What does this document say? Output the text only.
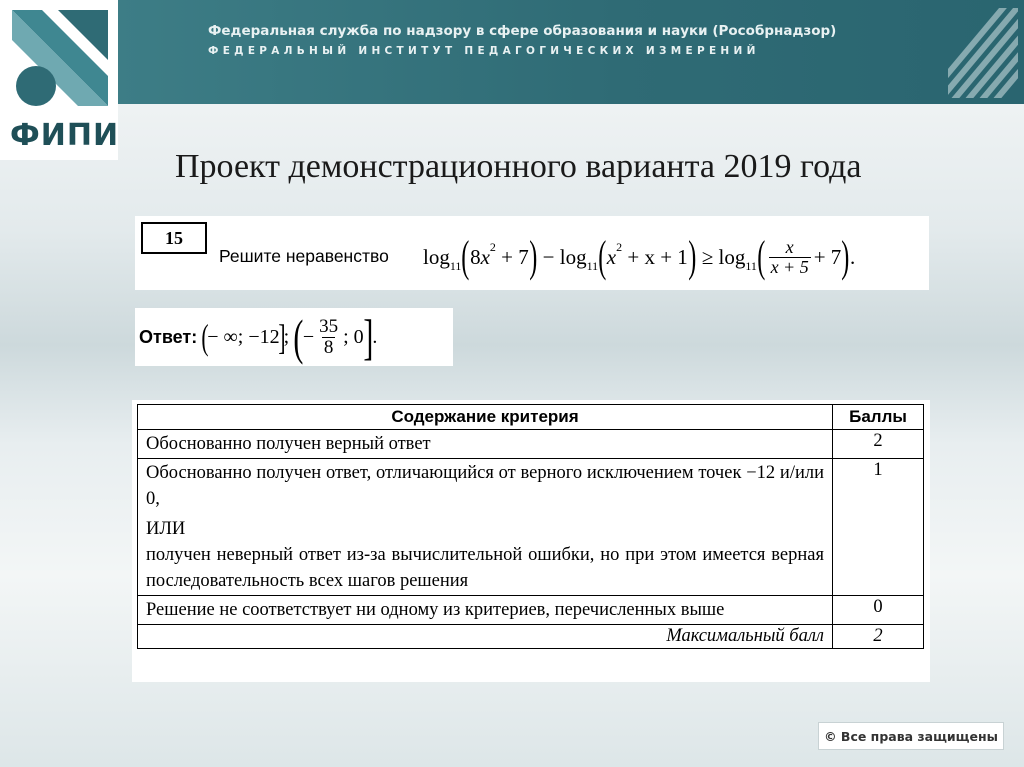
Федеральная служба по надзору в сфере образования и науки (Рособрнадзор)
ФЕДЕРАЛЬНЫЙ ИНСТИТУТ ПЕДАГОГИЧЕСКИХ ИЗМЕРЕНИЙ
ФИПИ
Проект демонстрационного варианта 2019 года
15
Решите неравенство log 11 ( 8 x 2
+ 7 )
−
log 11 ( x 2
+ x + 1 )
≥
log 11 ( $\frac{x}{x + 5} + 7$ ) .
Ответ: (
− ∞; −12
]
;
( − $\frac{35}{8}$ ; 0 ] .
Содержание критерия	Баллы

Обоснованно получен верный ответ	2

Обоснованно получен ответ, отличающийся от верного исключением точек −12 и/или 0,
ИЛИ
получен неверный ответ из-за вычислительной ошибки, но при этом имеется верная последовательность всех шагов решения	1

Решение не соответствует ни одному из критериев, перечисленных выше	0
Максимальный балл	2
© Все права защищены
